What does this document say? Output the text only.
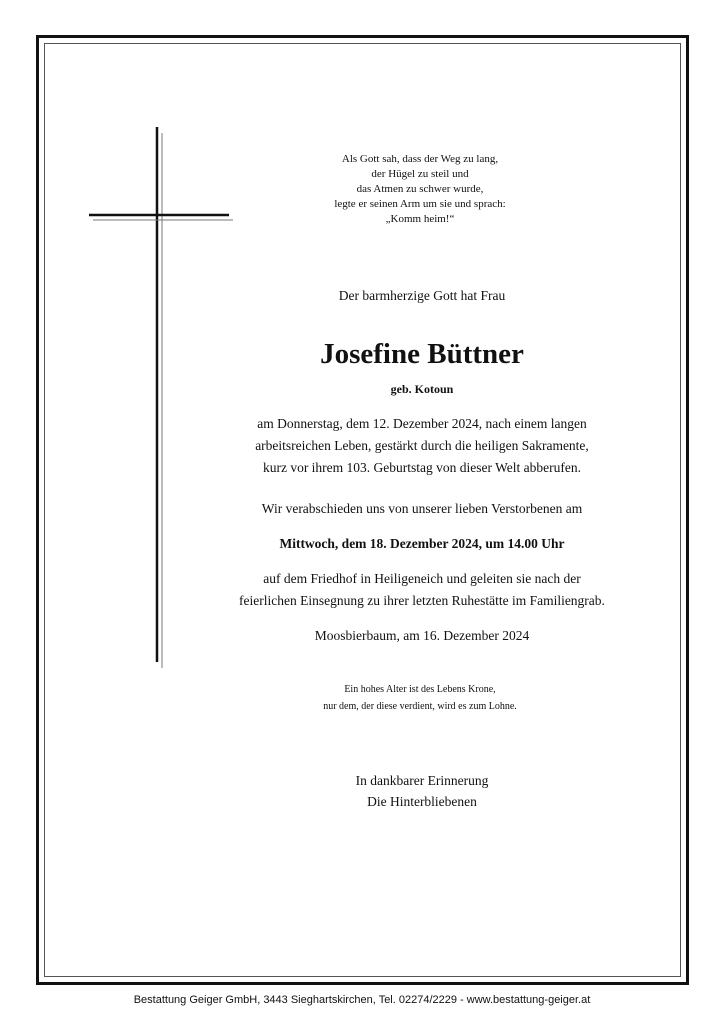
Als Gott sah, dass der Weg zu lang,
der Hügel zu steil und
das Atmen zu schwer wurde,
legte er seinen Arm um sie und sprach:
„Komm heim!“
Der barmherzige Gott hat Frau
Josefine Büttner
geb. Kotoun
am Donnerstag, dem 12. Dezember 2024, nach einem langen
arbeitsreichen Leben, gestärkt durch die heiligen Sakramente,
kurz vor ihrem 103. Geburtstag von dieser Welt abberufen.
Wir verabschieden uns von unserer lieben Verstorbenen am
Mittwoch, dem 18. Dezember 2024, um 14.00 Uhr
auf dem Friedhof in Heiligeneich und geleiten sie nach der
feierlichen Einsegnung zu ihrer letzten Ruhestätte im Familiengrab.
Moosbierbaum, am 16. Dezember 2024
Ein hohes Alter ist des Lebens Krone,
nur dem, der diese verdient, wird es zum Lohne.
In dankbarer Erinnerung
Die Hinterbliebenen
Bestattung Geiger GmbH, 3443 Sieghartskirchen, Tel. 02274/2229 - www.bestattung-geiger.at
